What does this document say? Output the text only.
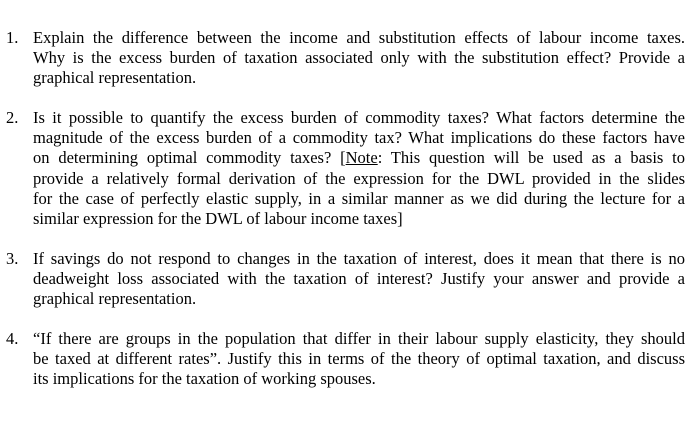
1. Explain the difference between the income and substitution effects of labour income taxes.
Why is the excess burden of taxation associated only with the substitution effect? Provide a
graphical representation.
2. Is it possible to quantify the excess burden of commodity taxes? What factors determine the
magnitude of the excess burden of a commodity tax? What implications do these factors have
on determining optimal commodity taxes? [Note: This question will be used as a basis to
provide a relatively formal derivation of the expression for the DWL provided in the slides
for the case of perfectly elastic supply, in a similar manner as we did during the lecture for a
similar expression for the DWL of labour income taxes]
3. If savings do not respond to changes in the taxation of interest, does it mean that there is no
deadweight loss associated with the taxation of interest? Justify your answer and provide a
graphical representation.
4. “If there are groups in the population that differ in their labour supply elasticity, they should
be taxed at different rates”. Justify this in terms of the theory of optimal taxation, and discuss
its implications for the taxation of working spouses.
